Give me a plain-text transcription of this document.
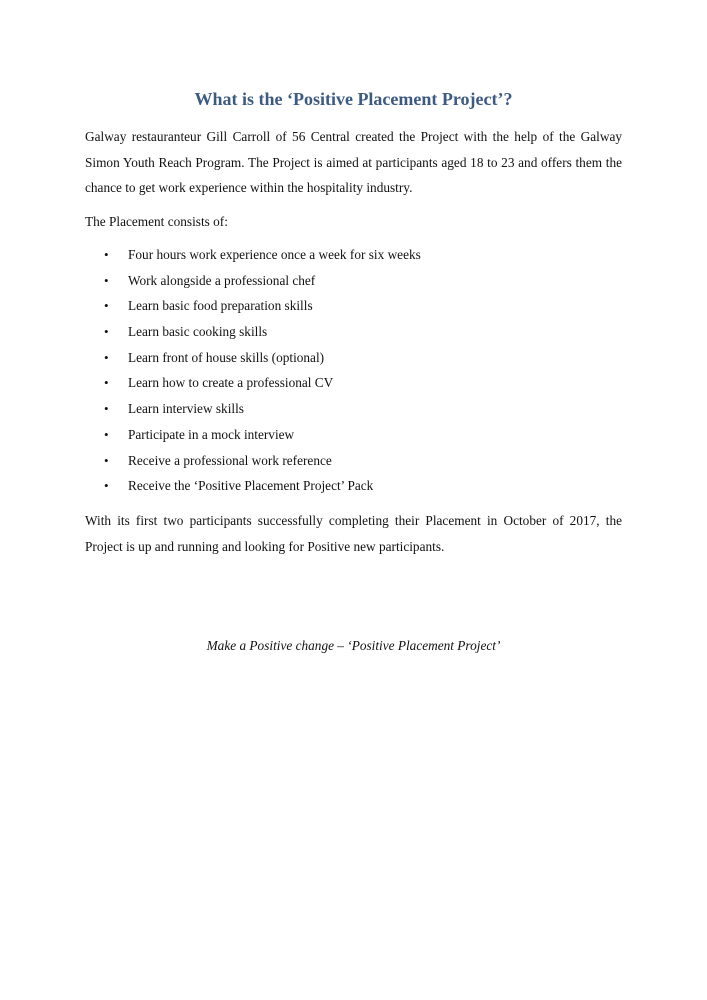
What is the ‘Positive Placement Project’?

Galway restauranteur Gill Carroll of 56 Central created the Project with the help of the Galway Simon Youth Reach Program. The Project is aimed at participants aged 18 to 23 and offers them the chance to get work experience within the hospitality industry.

The Placement consists of:

• Four hours work experience once a week for six weeks
• Work alongside a professional chef
• Learn basic food preparation skills
• Learn basic cooking skills
• Learn front of house skills (optional)
• Learn how to create a professional CV
• Learn interview skills
• Participate in a mock interview
• Receive a professional work reference
• Receive the ‘Positive Placement Project’ Pack

With its first two participants successfully completing their Placement in October of 2017, the Project is up and running and looking for Positive new participants.

Make a Positive change – ‘Positive Placement Project’
